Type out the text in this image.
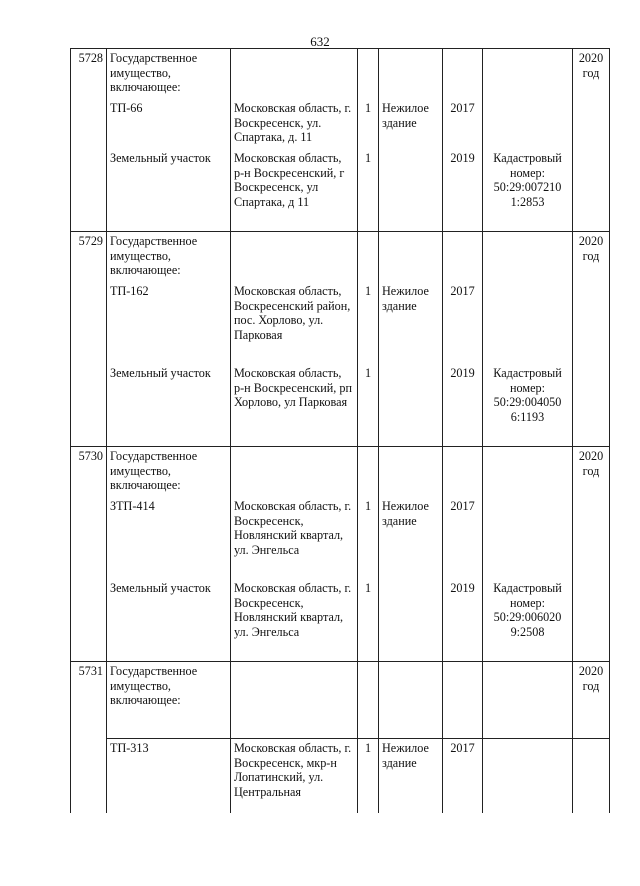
632
5728	Государственное имущество, включающее:						2020 год
	ТП-66	Московская область, г. Воскресенск, ул. Спартака, д. 11	1	Нежилое здание	2017		
	Земельный участок	Московская область, р-н Воскресенский, г Воскресенск, ул Спартака, д 11	1		2019	Кадастровый номер: 50:29:007210 1:2853	
5729	Государственное имущество, включающее:						2020 год
	ТП-162	Московская область, Воскресенский район, пос. Хорлово, ул. Парковая	1	Нежилое здание	2017		
	Земельный участок	Московская область, р-н Воскресенский, рп Хорлово, ул Парковая	1		2019	Кадастровый номер: 50:29:004050 6:1193	
5730	Государственное имущество, включающее:						2020 год
	ЗТП-414	Московская область, г. Воскресенск, Новлянский квартал, ул. Энгельса	1	Нежилое здание	2017		
	Земельный участок	Московская область, г. Воскресенск, Новлянский квартал, ул. Энгельса	1		2019	Кадастровый номер: 50:29:006020 9:2508	
5731	Государственное имущество, включающее:						2020 год
	ТП-313	Московская область, г. Воскресенск, мкр-н Лопатинский, ул. Центральная	1	Нежилое здание	2017		
